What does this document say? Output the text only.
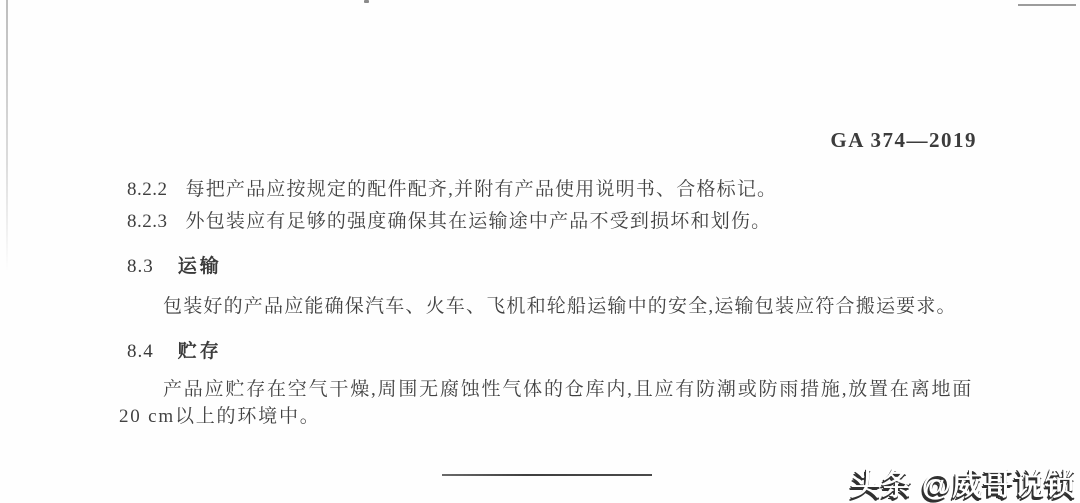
GA 374—2019
8.2.2 每把产品应按规定的配件配齐,并附有产品使用说明书、合格标记。
8.2.3 外包装应有足够的强度确保其在运输途中产品不受到损坏和划伤。
8.3 运输
包装好的产品应能确保汽车、火车、飞机和轮船运输中的安全,运输包装应符合搬运要求。
8.4 贮存
产品应贮存在空气干燥,周围无腐蚀性气体的仓库内,且应有防潮或防雨措施,放置在离地面
20 cm以上的环境中。
头条 @威哥说锁
